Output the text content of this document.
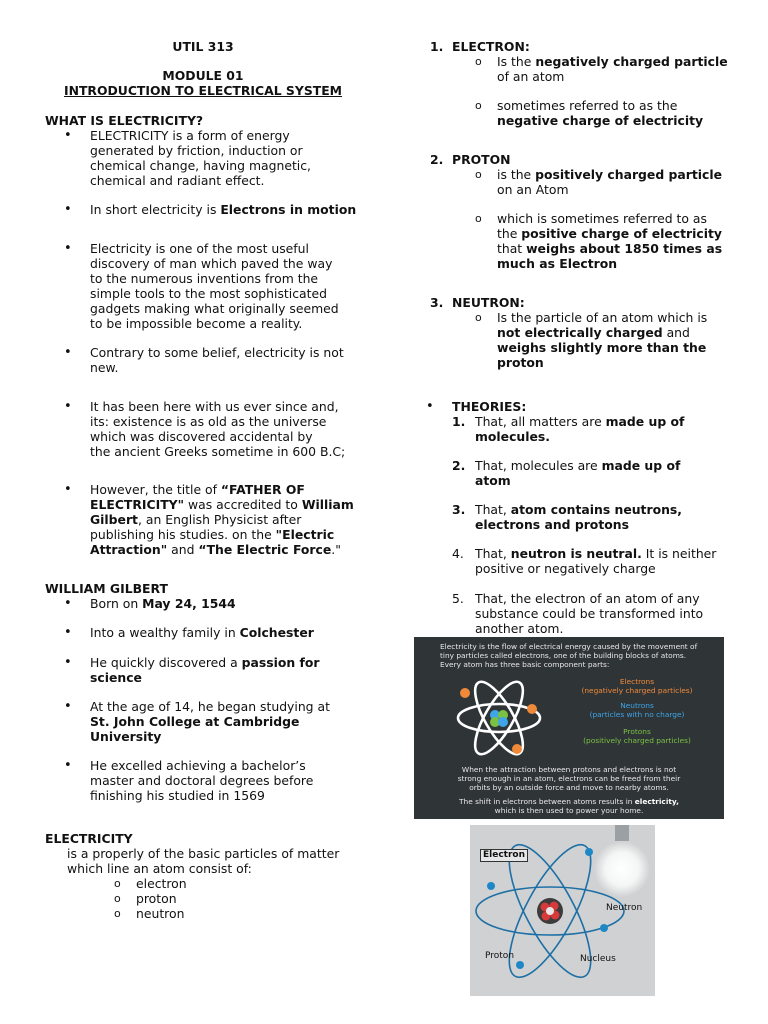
UTIL 313
MODULE 01
INTRODUCTION TO ELECTRICAL SYSTEM
WHAT IS ELECTRICITY?
• ELECTRICITY is a form of energy
generated by friction, induction or
chemical change, having magnetic,
chemical and radiant effect.
• In short electricity is Electrons in motion
• Electricity is one of the most useful
discovery of man which paved the way
to the numerous inventions from the
simple tools to the most sophisticated
gadgets making what originally seemed
to be impossible become a reality.
• Contrary to some belief, electricity is not
new.
• It has been here with us ever since and,
its: existence is as old as the universe
which was discovered accidental by
the ancient Greeks sometime in 600 B.C;
• However, the title of “FATHER OF
ELECTRICITY" was accredited to William
Gilbert, an English Physicist after
publishing his studies. on the "Electric
Attraction" and “The Electric Force."
WILLIAM GILBERT
• Born on May 24, 1544
• Into a wealthy family in Colchester
• He quickly discovered a passion for
science
• At the age of 14, he began studying at
St. John College at Cambridge
University
• He excelled achieving a bachelor’s
master and doctoral degrees before
finishing his studied in 1569
ELECTRICITY
is a properly of the basic particles of matter
which line an atom consist of:
o electron
o proton
o neutron
1. ELECTRON:
o Is the negatively charged particle
of an atom
o sometimes referred to as the
negative charge of electricity
2. PROTON
o is the positively charged particle
on an Atom
o which is sometimes referred to as
the positive charge of electricity
that weighs about 1850 times as
much as Electron
3. NEUTRON:
o Is the particle of an atom which is
not electrically charged and
weighs slightly more than the
proton
• THEORIES:
1. That, all matters are made up of
molecules.
2. That, molecules are made up of
atom
3. That, atom contains neutrons,
electrons and protons
4. That, neutron is neutral. It is neither
positive or negatively charge
5. That, the electron of an atom of any
substance could be transformed into
another atom.
Electricity is the flow of electrical energy caused by the movement of
tiny particles called electrons, one of the building blocks of atoms.
Every atom has three basic component parts:
Electrons
(negatively charged particles)
Neutrons
(particles with no charge)
Protons
(positively charged particles)
When the attraction between protons and electrons is not
strong enough in an atom, electrons can be freed from their
orbits by an outside force and move to nearby atoms.
The shift in electrons between atoms results in electricity,
which is then used to power your home.
Electron
Neutron
Proton	Nucleus
